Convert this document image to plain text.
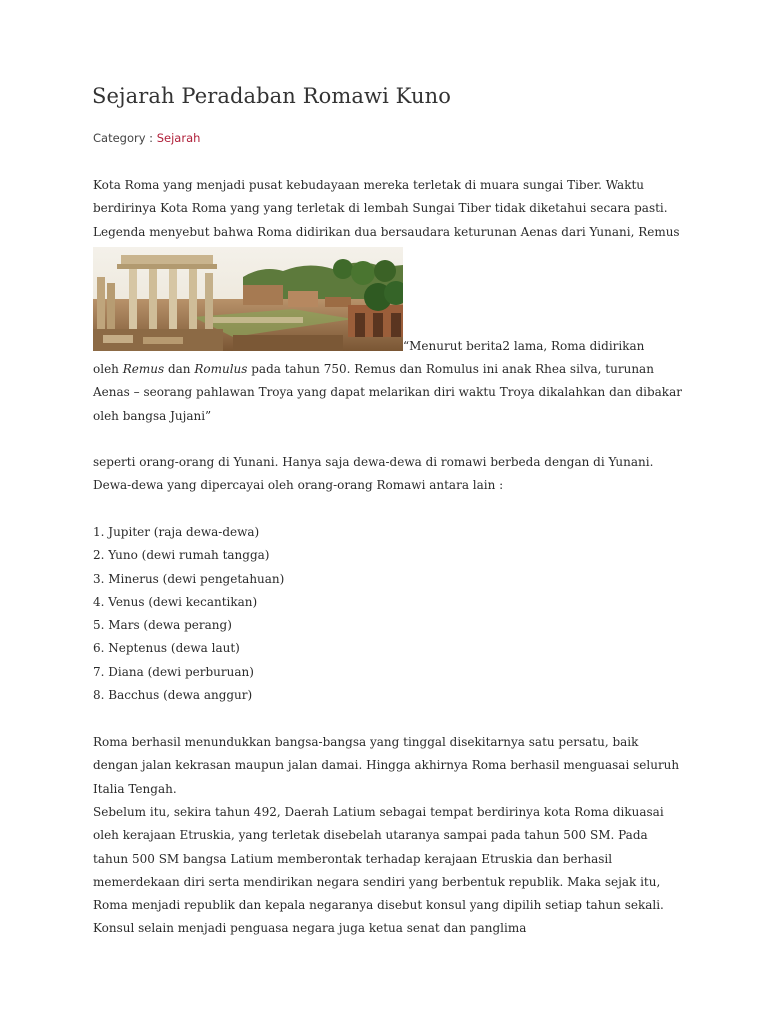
Sejarah Peradaban Romawi Kuno
Category : Sejarah

Kota Roma yang menjadi pusat kebudayaan mereka terletak di muara sungai Tiber. Waktu berdirinya Kota Roma yang yang terletak di lembah Sungai Tiber tidak diketahui secara pasti. Legenda menyebut bahwa Roma didirikan dua bersaudara keturunan Aenas dari Yunani, Remus

“Menurut berita2 lama, Roma didirikan

oleh Remus dan Romulus pada tahun 750. Remus dan Romulus ini anak Rhea silva, turunan Aenas – seorang pahlawan Troya yang dapat melarikan diri waktu Troya dikalahkan dan dibakar oleh bangsa Jujani”

seperti orang-orang di Yunani. Hanya saja dewa-dewa di romawi berbeda dengan di Yunani. Dewa-dewa yang dipercayai oleh orang-orang Romawi antara lain :

1. Jupiter (raja dewa-dewa)
2. Yuno (dewi rumah tangga)
3. Minerus (dewi pengetahuan)
4. Venus (dewi kecantikan)
5. Mars (dewa perang)
6. Neptenus (dewa laut)
7. Diana (dewi perburuan)
8. Bacchus (dewa anggur)

Roma berhasil menundukkan bangsa-bangsa yang tinggal disekitarnya satu persatu, baik dengan jalan kekrasan maupun jalan damai. Hingga akhirnya Roma berhasil menguasai seluruh Italia Tengah.

Sebelum itu, sekira tahun 492, Daerah Latium sebagai tempat berdirinya kota Roma dikuasai oleh kerajaan Etruskia, yang terletak disebelah utaranya sampai pada tahun 500 SM. Pada tahun 500 SM bangsa Latium memberontak terhadap kerajaan Etruskia dan berhasil memerdekaan diri serta mendirikan negara sendiri yang berbentuk republik. Maka sejak itu, Roma menjadi republik dan kepala negaranya disebut konsul yang dipilih setiap tahun sekali. Konsul selain menjadi penguasa negara juga ketua senat dan panglima
